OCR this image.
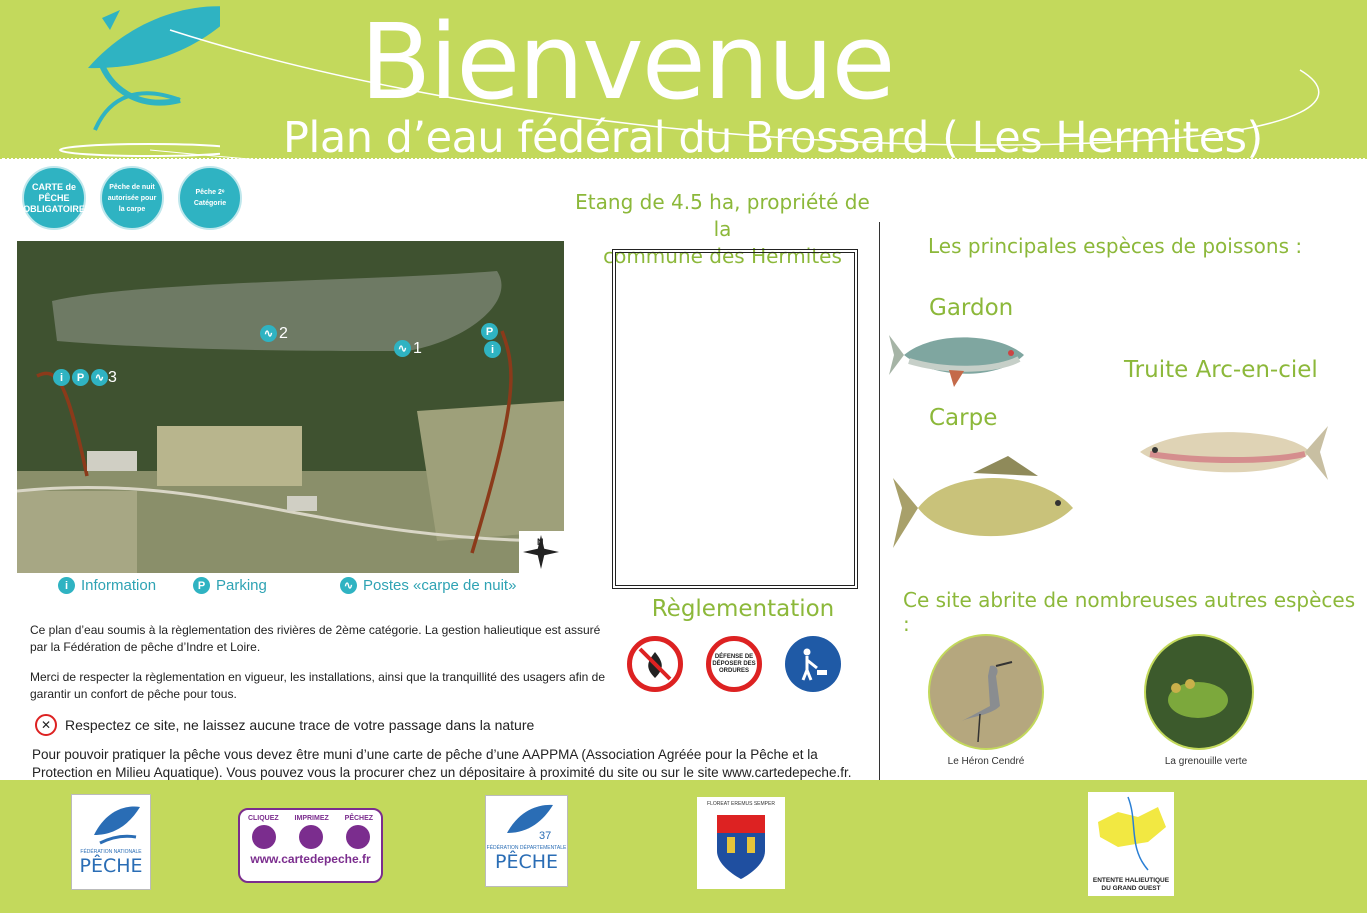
Bienvenue
Plan d’eau fédéral du Brossard ( Les Hermites)
CARTE de PÊCHE OBLIGATOIRE
Pêche de nuit autorisée pour la carpe
Pêche 2ᵉ Catégorie
∿ 2
∿ 1
i	P ∿ 3
P
i
N
i Information	P Parking	∿ Postes «carpe de nuit»
Etang de 4.5 ha, propriété de la
commune des Hermites
Règlementation
DÉFENSE DE DÉPOSER DES ORDURES
Ce plan d’eau soumis à la règlementation des rivières de 2ème catégorie. La gestion halieutique est assuré par la Fédération de pêche d’Indre et Loire.
Merci de respecter la règlementation en vigueur, les installations, ainsi que la tranquillité des usagers afin de garantir un confort de pêche pour tous.
✕ Respectez ce site, ne laissez aucune trace de votre passage dans la nature
Pour pouvoir pratiquer la pêche vous devez être muni d’une carte de pêche d’une AAPPMA (Association Agréée pour la Pêche et la Protection en Milieu Aquatique). Vous pouvez vous la procurer chez un dépositaire à proximité du site ou sur le site www.cartedepeche.fr.
Les principales espèces de poissons :
Gardon
Truite Arc-en-ciel
Carpe
Ce site abrite de nombreuses autres espèces :
Le Héron Cendré	La grenouille verte
FÉDÉRATION NATIONALE
PÊCHE
CLIQUEZ IMPRIMEZ PÊCHEZ
www.cartedepeche.fr
37
FÉDÉRATION DÉPARTEMENTALE
PÊCHE
FLOREAT EREMUS SEMPER
ENTENTE HALIEUTIQUE DU GRAND OUEST
